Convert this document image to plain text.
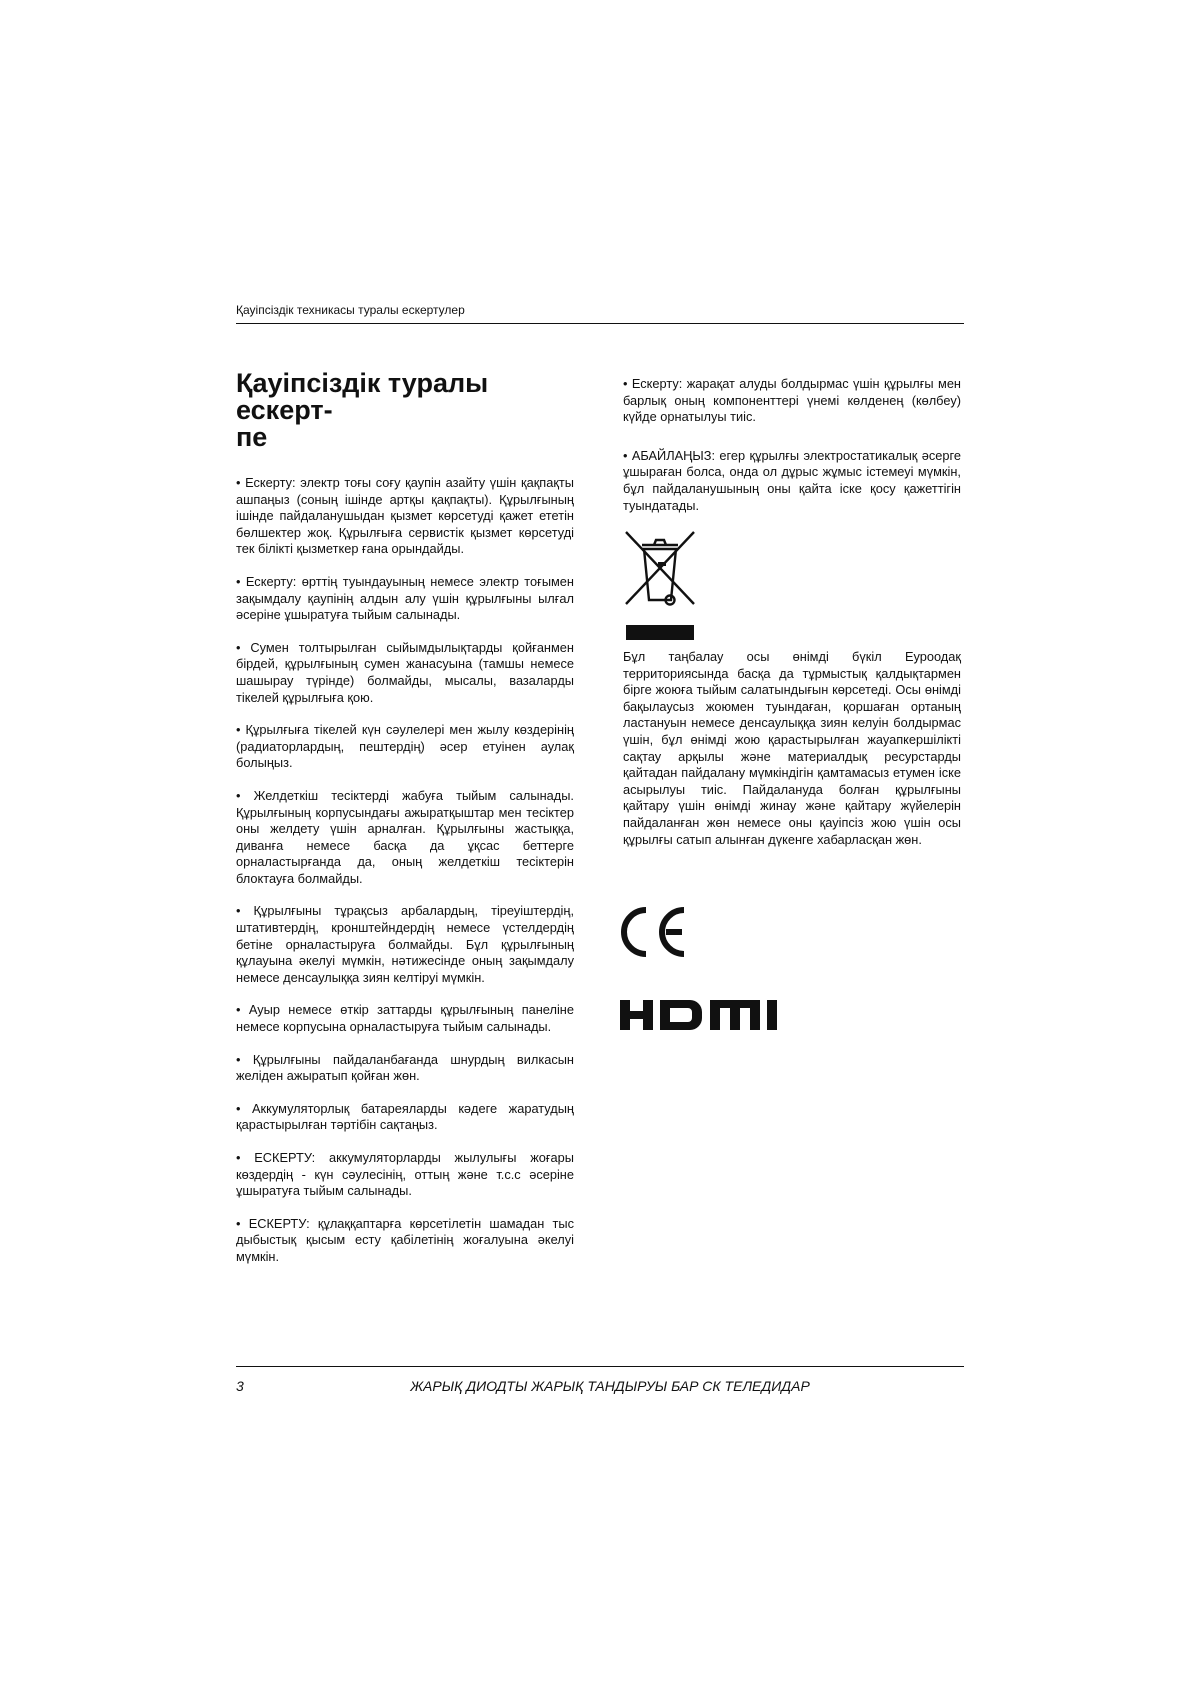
Қауіпсіздік техникасы туралы ескертулер
Қауіпсіздік туралы ескерт-
пе

• Ескерту: электр тоғы соғу қаупін азайту үшін қақпақты ашпаңыз (соның ішінде артқы қақпақты). Құрылғының ішінде пайдаланушыдан қызмет көрсетуді қажет ететін бөлшектер жоқ. Құрылғыға сервистік қызмет көрсетуді тек білікті қызметкер ғана орындайды.

• Ескерту: өрттің туындауының немесе электр тоғымен зақымдалу қаупінің алдын алу үшін құрылғыны ылғал әсеріне ұшыратуға тыйым салынады.

• Сумен толтырылған сыйымдылықтарды қойғанмен бірдей, құрылғының сумен жанасуына (тамшы немесе шашырау түрінде) болмайды, мысалы, вазаларды тікелей құрылғыға қою.

• Құрылғыға тікелей күн сәулелері мен жылу көздерінің (радиаторлардың, пештердің) әсер етуінен аулақ болыңыз.

• Желдеткіш тесіктерді жабуға тыйым салынады. Құрылғының корпусындағы ажыратқыштар мен тесіктер оны желдету үшін арналған. Құрылғыны жастыққа, диванға немесе басқа да ұқсас беттерге орналастырғанда да, оның желдеткіш тесіктерін блоктауға болмайды.

• Құрылғыны тұрақсыз арбалардың, тіреуіштердің, штативтердің, кронштейндердің немесе үстелдердің бетіне орналастыруға болмайды. Бұл құрылғының құлауына әкелуі мүмкін, нәтижесінде оның зақымдалу немесе денсаулыққа зиян келтіруі мүмкін.

• Ауыр немесе өткір заттарды құрылғының панеліне немесе корпусына орналастыруға тыйым салынады.

• Құрылғыны пайдаланбағанда шнурдың вилкасын желіден ажыратып қойған жөн.

• Аккумуляторлық батареяларды кәдеге жаратудың қарастырылған тәртібін сақтаңыз.

• ЕСКЕРТУ: аккумуляторларды жылулығы жоғары көздердің - күн сәулесінің, оттың және т.с.с әсеріне ұшыратуға тыйым салынады.

• ЕСКЕРТУ: құлаққаптарға көрсетілетін шамадан тыс дыбыстық қысым есту қабілетінің жоғалуына әкелуі мүмкін.

• Ескерту: жарақат алуды болдырмас үшін құрылғы мен барлық оның компоненттері үнемі көлденең (көлбеу) күйде орнатылуы тиіс.

• АБАЙЛАҢЫЗ: егер құрылғы электростатикалық әсерге ұшыраған болса, онда ол дұрыс жұмыс істемеуі мүмкін, бұл пайдаланушының оны қайта іске қосу қажеттігін туындатады.

Бұл таңбалау осы өнімді бүкіл Еуроодақ территориясында басқа да тұрмыстық қалдықтармен бірге жоюға тыйым салатындығын көрсетеді. Осы өнімді бақылаусыз жоюмен туындаған, қоршаған ортаның ластануын немесе денсаулыққа зиян келуін болдырмас үшін, бұл өнімді жою қарастырылған жауапкершілікті сақтау арқылы және материалдық ресурстарды қайтадан пайдалану мүмкіндігін қамтамасыз етумен іске асырылуы тиіс. Пайдалануда болған құрылғыны қайтару үшін өнімді жинау және қайтару жүйелерін пайдаланған жөн немесе оны қауіпсіз жою үшін осы құрылғы сатып алынған дүкенге хабарласқан жөн.
3	ЖАРЫҚ ДИОДТЫ ЖАРЫҚ ТАНДЫРУЫ БАР СК ТЕЛЕДИДАР
